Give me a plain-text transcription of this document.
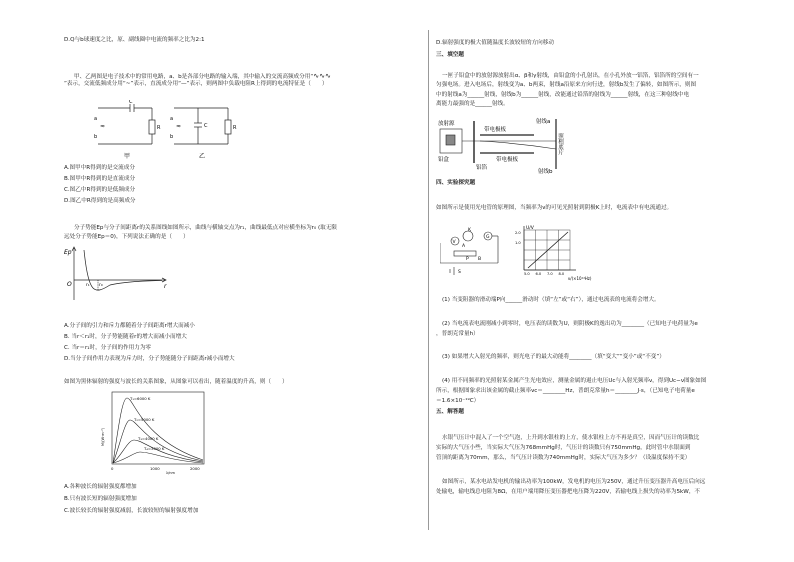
D.Q与b球速度之比，原、副线圈中电流的频率之比为2:1
甲、乙两图是电子技术中的常用电路，a、b是各部分电路的输入端，其中输入的交流高频成分用“∿∿∿
”表示，交流低频成分用“~”表示，直流成分用“—”表示，则两图中负载电阻R上得到的电流特征是（　　）
a
b
C
R
≈
a
b
C	R
≈
甲	乙
A.图甲中R得到的是交流成分
B.图甲中R得到的是直流成分
C.图乙中R得到的是低频成分
D.图乙中R得到的是高频成分
分子势能Ep与分子间距离r的关系图线如图所示，曲线与横轴交点为r₁，曲线最低点对应横坐标为r₀ (取无限
远处分子势能Ep＝0)，下列说法正确的是（　　）
Ep
r
O	r₁ r₀
A.分子间的引力和斥力都随着分子间距离r增大而减小
B. 当r＜r₁时，分子势能随着r的增大而减小而增大
C. 当r＝r₁时，分子间的作用力为零
D.当分子间作用力表现为斥力时，分子势能随分子间距离r减小而增大
如图为黑体辐射的强度与波长的关系图象，从图象可以看出，随着温度的升高，则（　　）
T₁=6000 K
T₂=5000 K
T₃=4000 K
T₄=3000 K
M/(W·m⁻²)
0	1000	2000
λ/nm
A.各种波长的辐射强度都增加
B.只有波长短的辐射强度增加
C.波长较长的辐射强度减弱，长波较短的辐射强度增加
D.辐射强度的极大值随温度长波较短的方向移动
三、填空题
一匣子铅盒中的放射源放射出α、β和γ射线，由铅盒的小孔射出，在小孔外放一铝箔，铝箔所的空间有一
匀强电场。进入电场后，射线变为a、b两束，射线a沿原来方向行进，射线b发生了偏转，如图所示，则图
中的射线a为______射线，射线b为______射线，改能通过铅箔的射线为______射线，在这三种射线中电
离能力最强的是______射线。
放射源
带电极板
射线a
铅盒
铝箔
带电极板
射线b
照相底片
四、实验探究题
如图所示是使用光电管的原理图，当频率为ν的可见光照射到阴极K上时，电流表中有电流通过。
V
G
K
A
P B
S
U/V
ν/(×10¹⁴Hz)
5.0 6.0 7.0 8.0
2.0
1.0
(1) 当变阻器的滑动端P向______滑动时（填“左”或“右”），通过电流表的电流将会增大。
(2) 当电流表电流刚减小到零时，电压表的读数为U，则阴极K的逸出功为________（已知电子电荷量为e
，普朗克常量h）
(3) 如果增大入射光的频率，则光电子的最大动能将________（填“变大”“变小”或“不变”）
(4) 用不同频率的光照射某金属产生光电效应，测量金属的遏止电压Uc与入射光频率ν，得到Uc−ν图象如图
所示，根据图象求出该金属的截止频率νc＝________Hz，普朗克常量h＝________J·s，（已知电子电荷量e
＝1.6×10⁻¹⁹C）
五、解答题
水银气压计中混入了一个空气泡，上升到水银柱的上方，使水银柱上方不再是真空，因而气压计的读数比
实际的大气压小些，当实际大气压为768mmHg时，气压计的读数只有750mmHg，此时管中水银面到
管顶的距离为70mm，那么，当气压计读数为740mmHg时，实际大气压为多少？（设温度保持不变）
如图所示，某水电站发电机的输出功率为100kW，发电机的电压为250V，通过升压变压器升高电压后向远
处输电，输电线总电阻为8Ω，在用户端用降压变压器把电压降为220V，若输电线上损失的功率为5kW，不
